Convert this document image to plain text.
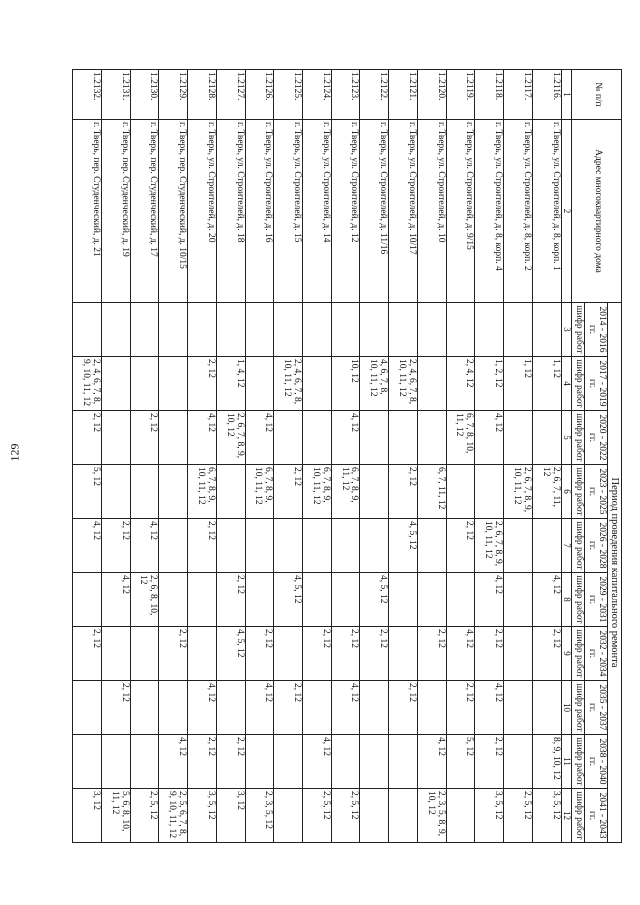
129
№ п/п	Адрес многоквартирного дома	Период проведения капитального ремонта									
		2014 - 2016 гг.	2017 - 2019 гг.	2020 - 2022 гг.	2023 - 2025 гг.	2026 - 2028 гг.	2029 - 2031 гг.	2032 - 2034 гг.	2035 - 2037 гг.	2038 - 2040 гг.	2041 - 2043 гг.
		шифр работ	шифр работ	шифр работ	шифр работ	шифр работ	шифр работ	шифр работ	шифр работ	шифр работ	шифр работ
1	2	3	4	5	6	7	8	9	10	11	12
1.2116.	г. Тверь, ул. Строителей, д. 8, корп. 1		1, 12		2, 6, 7, 11, 12		4, 12	2, 12		8, 9, 10, 12	3, 5, 12
1.2117.	г. Тверь, ул. Строителей, д. 8, корп. 2		1, 12		2, 6, 7, 8, 9, 10, 11, 12						2, 5, 12
1.2118.	г. Тверь, ул. Строителей, д. 8, корп. 4		1, 2, 12	4, 12		2, 6, 7, 8, 9, 10, 11, 12	4, 12	2, 12	4, 12	2, 12	3, 5, 12
1.2119.	г. Тверь, ул. Строителей, д. 9/15		2, 4, 12	6, 7, 8, 10, 11, 12		2, 12		4, 12	2, 12	5, 12	
1.2120.	г. Тверь, ул. Строителей, д. 10				6, 7, 11, 12			2, 12		4, 12	2, 3, 5, 8, 9, 10, 12
1.2121.	г. Тверь, ул. Строителей, д. 10/17		2, 4, 6, 7, 8, 10, 11, 12		2, 12	4, 5, 12			2, 12		
1.2122.	г. Тверь, ул. Строителей, д. 11/16		4, 6, 7, 8, 10, 11, 12				4, 5, 12	2, 12			
1.2123.	г. Тверь, ул. Строителей, д. 12		10, 12	4, 12	6, 7, 8, 9, 11, 12			2, 12	4, 12		2, 5, 12
1.2124.	г. Тверь, ул. Строителей, д. 14				6, 7, 8, 9, 10, 11, 12			2, 12		4, 12	2, 5, 12
1.2125.	г. Тверь, ул. Строителей, д. 15		2, 4, 6, 7, 8, 10, 11, 12		2, 12		4, 5, 12		2, 12		
1.2126.	г. Тверь, ул. Строителей, д. 16			4, 12	6, 7, 8, 9, 10, 11, 12			2, 12	4, 12		2, 3, 5, 12
1.2127.	г. Тверь, ул. Строителей, д. 18		1, 4, 12	2, 6, 7, 8, 9, 10, 12			2, 12	4, 5, 12		2, 12	3, 12
1.2128.	г. Тверь, ул. Строителей, д. 20		2, 12	4, 12	6, 7, 8, 9, 10, 11, 12	2, 12			4, 12	2, 12	3, 5, 12
1.2129.	г. Тверь, пер. Студенческий, д. 10/15							2, 12		4, 12	2, 5, 6, 7, 8, 9, 10, 11, 12
1.2130.	г. Тверь, пер. Студенческий, д. 17			2, 12		4, 12	2, 6, 8, 10, 12				2, 5, 12
1.2131.	г. Тверь, пер. Студенческий, д. 19					2, 12	4, 12		2, 12		5, 6, 8, 10, 11, 12
1.2132.	г. Тверь, пер. Студенческий, д. 21		2, 4, 6, 7, 8, 9, 10, 11, 12	2, 12	5, 12	4, 12		2, 12			3, 12
